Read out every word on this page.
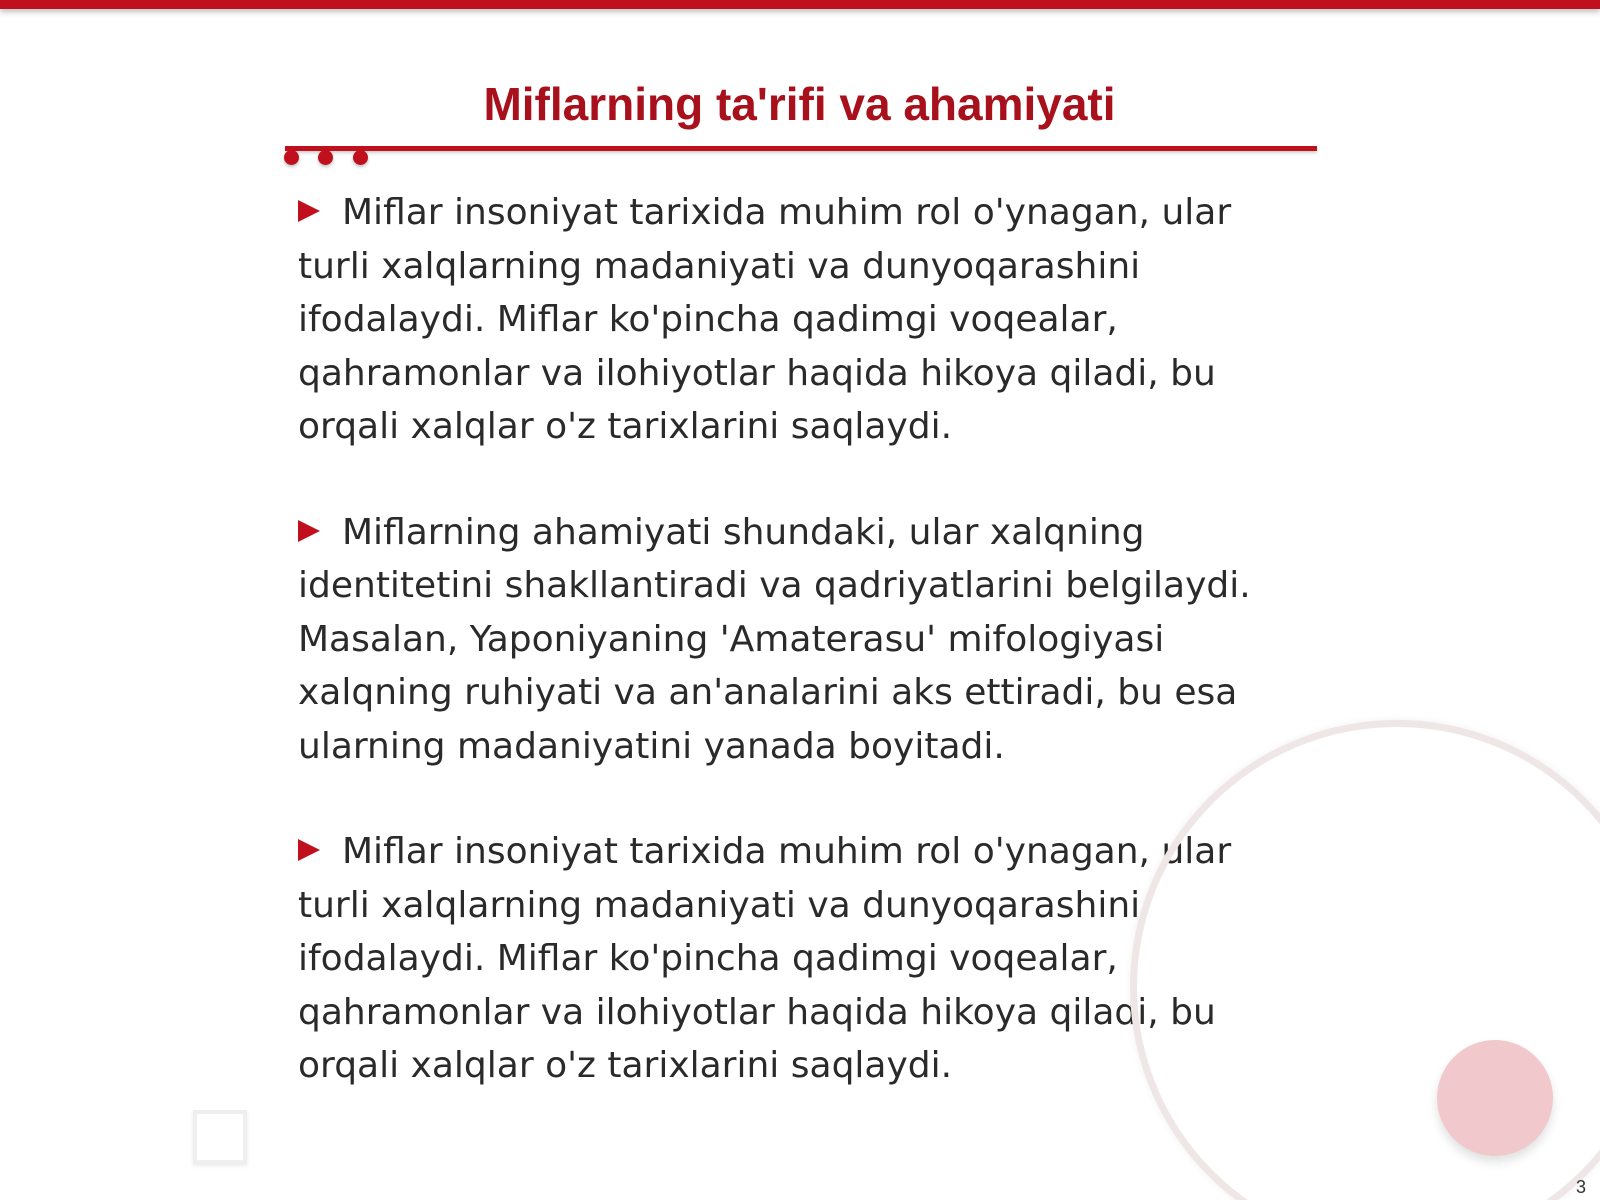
Miflarning ta'rifi va ahamiyati

Miflar insoniyat tarixida muhim rol o'ynagan, ular turli xalqlarning madaniyati va dunyoqarashini ifodalaydi. Miflar ko'pincha qadimgi voqealar, qahramonlar va ilohiyotlar haqida hikoya qiladi, bu orqali xalqlar o'z tarixlarini saqlaydi.

Miflarning ahamiyati shundaki, ular xalqning identitetini shakllantiradi va qadriyatlarini belgilaydi. Masalan, Yaponiyaning 'Amaterasu' mifologiyasi xalqning ruhiyati va an'analarini aks ettiradi, bu esa ularning madaniyatini yanada boyitadi.

Miflar insoniyat tarixida muhim rol o'ynagan, ular turli xalqlarning madaniyati va dunyoqarashini ifodalaydi. Miflar ko'pincha qadimgi voqealar, qahramonlar va ilohiyotlar haqida hikoya qiladi, bu orqali xalqlar o'z tarixlarini saqlaydi.

3
